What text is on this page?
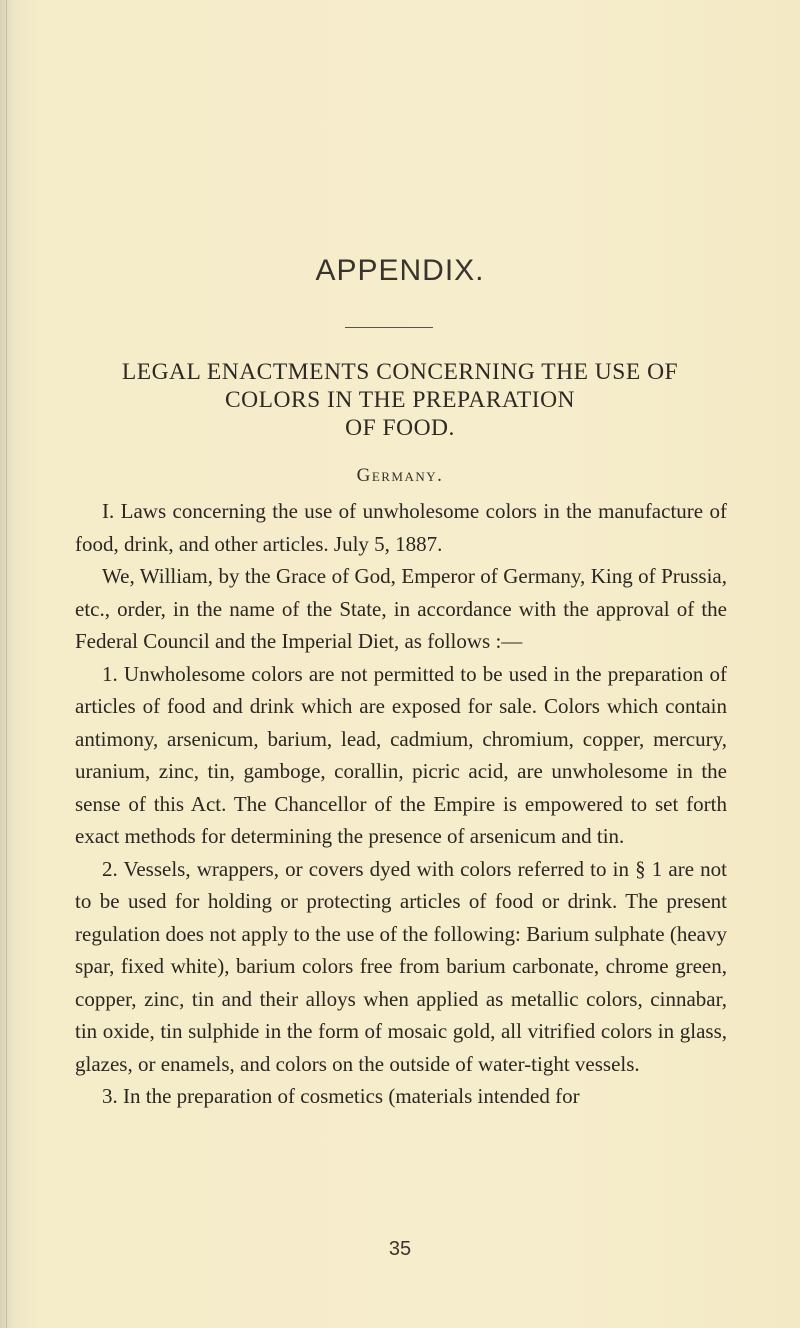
APPENDIX.
LEGAL ENACTMENTS CONCERNING THE USE OF
COLORS IN THE PREPARATION
OF FOOD.
Germany.

I. Laws concerning the use of unwholesome colors in the manufacture of food, drink, and other articles. July 5, 1887.

We, William, by the Grace of God, Emperor of Germany, King of Prussia, etc., order, in the name of the State, in accordance with the approval of the Federal Council and the Imperial Diet, as follows :—

1. Unwholesome colors are not permitted to be used in the preparation of articles of food and drink which are exposed for sale. Colors which contain antimony, arsenicum, barium, lead, cadmium, chromium, copper, mercury, uranium, zinc, tin, gamboge, corallin, picric acid, are unwholesome in the sense of this Act. The Chancellor of the Empire is empowered to set forth exact methods for determining the presence of arsenicum and tin.

2. Vessels, wrappers, or covers dyed with colors referred to in § 1 are not to be used for holding or protecting articles of food or drink. The present regulation does not apply to the use of the following: Barium sulphate (heavy spar, fixed white), barium colors free from barium carbonate, chrome green, copper, zinc, tin and their alloys when applied as metallic colors, cinnabar, tin oxide, tin sulphide in the form of mosaic gold, all vitrified colors in glass, glazes, or enamels, and colors on the outside of water-tight vessels.

3. In the preparation of cosmetics (materials intended for

35
